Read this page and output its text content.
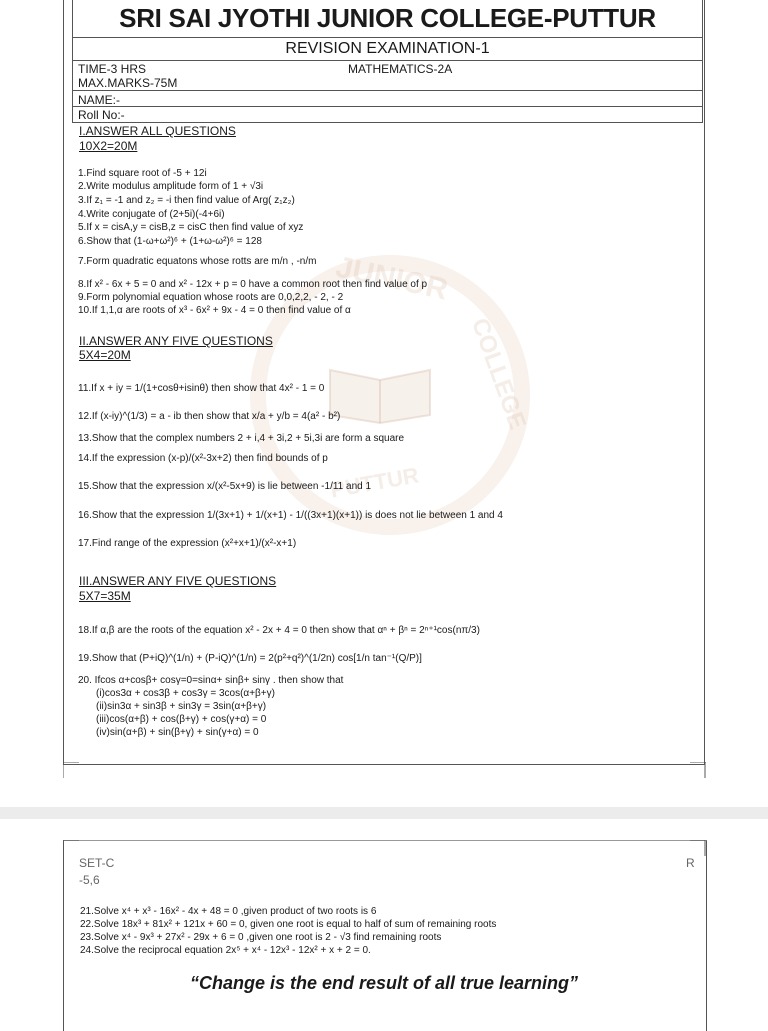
JUNIOR
COLLEGE
PUTTUR
SRI SAI JYOTHI JUNIOR COLLEGE-PUTTUR
REVISION EXAMINATION-1
TIME-3 HRS	MATHEMATICS-2A
MAX.MARKS-75M
NAME:-
Roll No:-
I.ANSWER ALL QUESTIONS
10X2=20M
1.Find square root of -5 + 12i
2.Write modulus amplitude form of 1 + √3i
3.If z₁ = -1 and z₂ = -i then find value of Arg( z₁z₂)
4.Write conjugate of (2+5i)(-4+6i)
5.If x = cisA,y = cisB,z = cisC then find value of xyz
6.Show that (1-ω+ω²)⁶ + (1+ω-ω²)⁶ = 128
7.Form quadratic equatons whose rotts are m/n , -n/m
8.If x² - 6x + 5 = 0 and x² - 12x + p = 0 have a common root then find value of p
9.Form polynomial equation whose roots are 0,0,2,2, - 2, - 2
10.If 1,1,α are roots of x³ - 6x² + 9x - 4 = 0 then find value of α
II.ANSWER ANY FIVE QUESTIONS
5X4=20M
11.If x + iy = 1/(1+cosθ+isinθ) then show that 4x² - 1 = 0
12.If (x-iy)^(1/3) = a - ib then show that x/a + y/b = 4(a² - b²)
13.Show that the complex numbers 2 + i,4 + 3i,2 + 5i,3i are form a square
14.If the expression (x-p)/(x²-3x+2) then find bounds of p
15.Show that the expression x/(x²-5x+9) is lie between -1/11 and 1
16.Show that the expression 1/(3x+1) + 1/(x+1) - 1/((3x+1)(x+1)) is does not lie between 1 and 4
17.Find range of the expression (x²+x+1)/(x²-x+1)
III.ANSWER ANY FIVE QUESTIONS
5X7=35M
18.If α,β are the roots of the equation x² - 2x + 4 = 0 then show that αⁿ + βⁿ = 2ⁿ⁺¹cos(nπ/3)
19.Show that (P+iQ)^(1/n) + (P-iQ)^(1/n) = 2(p²+q²)^(1/2n) cos[1/n tan⁻¹(Q/P)]
20. Ifcos α+cosβ+ cosγ=0=sinα+ sinβ+ sinγ . then show that
(i)cos3α + cos3β + cos3γ = 3cos(α+β+γ)
(ii)sin3α + sin3β + sin3γ = 3sin(α+β+γ)
(iii)cos(α+β) + cos(β+γ) + cos(γ+α) = 0
(iv)sin(α+β) + sin(β+γ) + sin(γ+α) = 0
SET-C
-5,6
R
21.Solve x⁴ + x³ - 16x² - 4x + 48 = 0 ,given product of two roots is 6
22.Solve 18x³ + 81x² + 121x + 60 = 0, given one root is equal to half of sum of remaining roots
23.Solve x⁴ - 9x³ + 27x² - 29x + 6 = 0 ,given one root is 2 - √3 find remaining roots
24.Solve the reciprocal equation 2x⁵ + x⁴ - 12x³ - 12x² + x + 2 = 0.
“Change is the end result of all true learning”
